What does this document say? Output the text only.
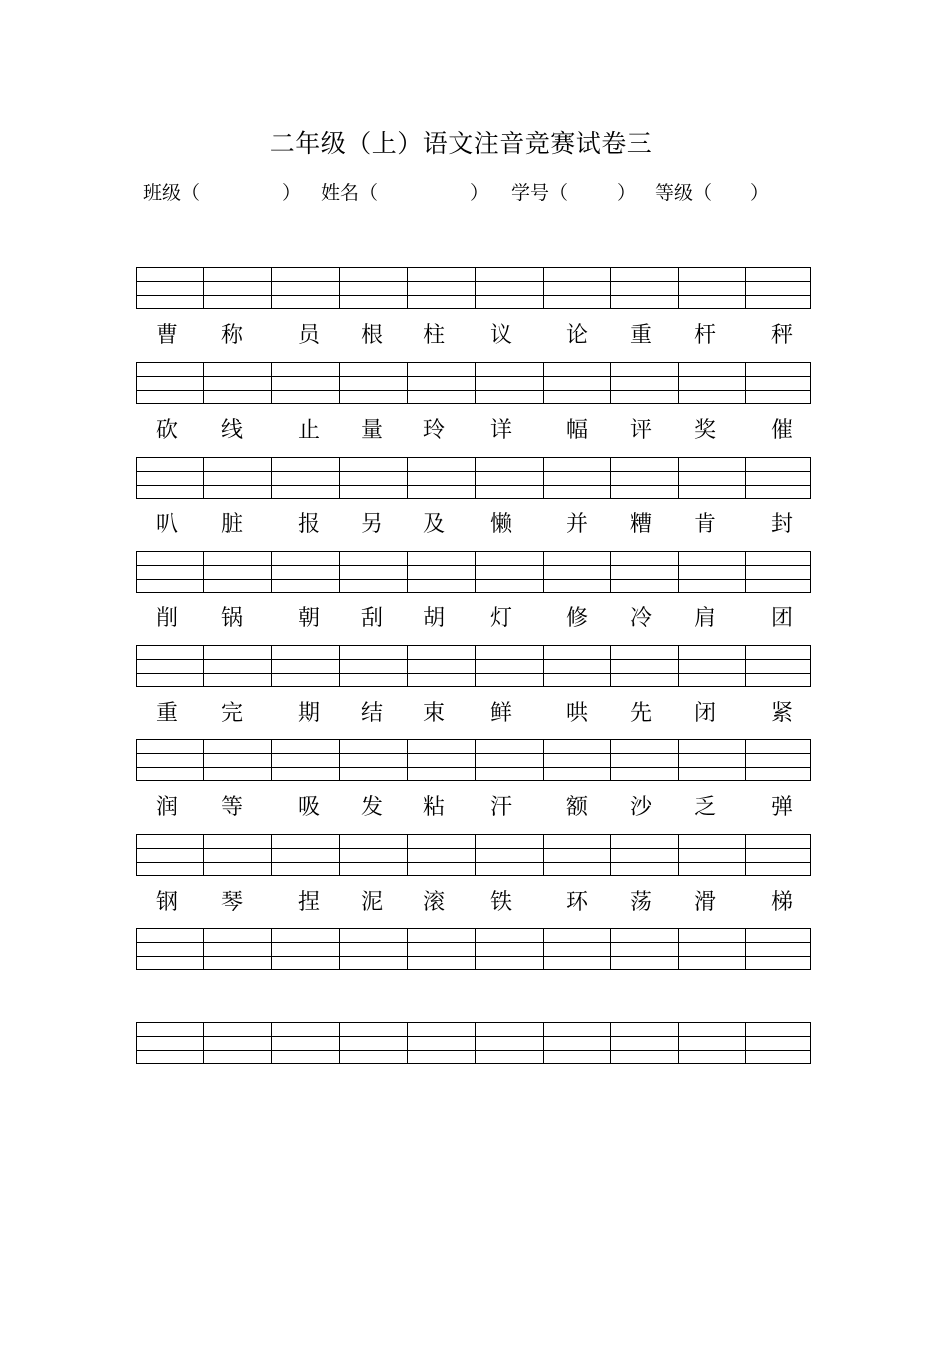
二年级（上）语文注音竞赛试卷三
班级（	） 姓名（	） 学号（	） 等级（ ）
曹	称	员	根	柱	议	论	重	杆	秤
砍	线	止	量	玲	详	幅	评	奖	催
叭	脏	报	另	及	懒	并	糟	肯	封
削	锅	朝	刮	胡	灯	修	冷	肩	团
重	完	期	结	束	鲜	哄	先	闭	紧
润	等	吸	发	粘	汗	额	沙	乏	弹
钢	琴	捏	泥	滚	铁	环	荡	滑	梯
